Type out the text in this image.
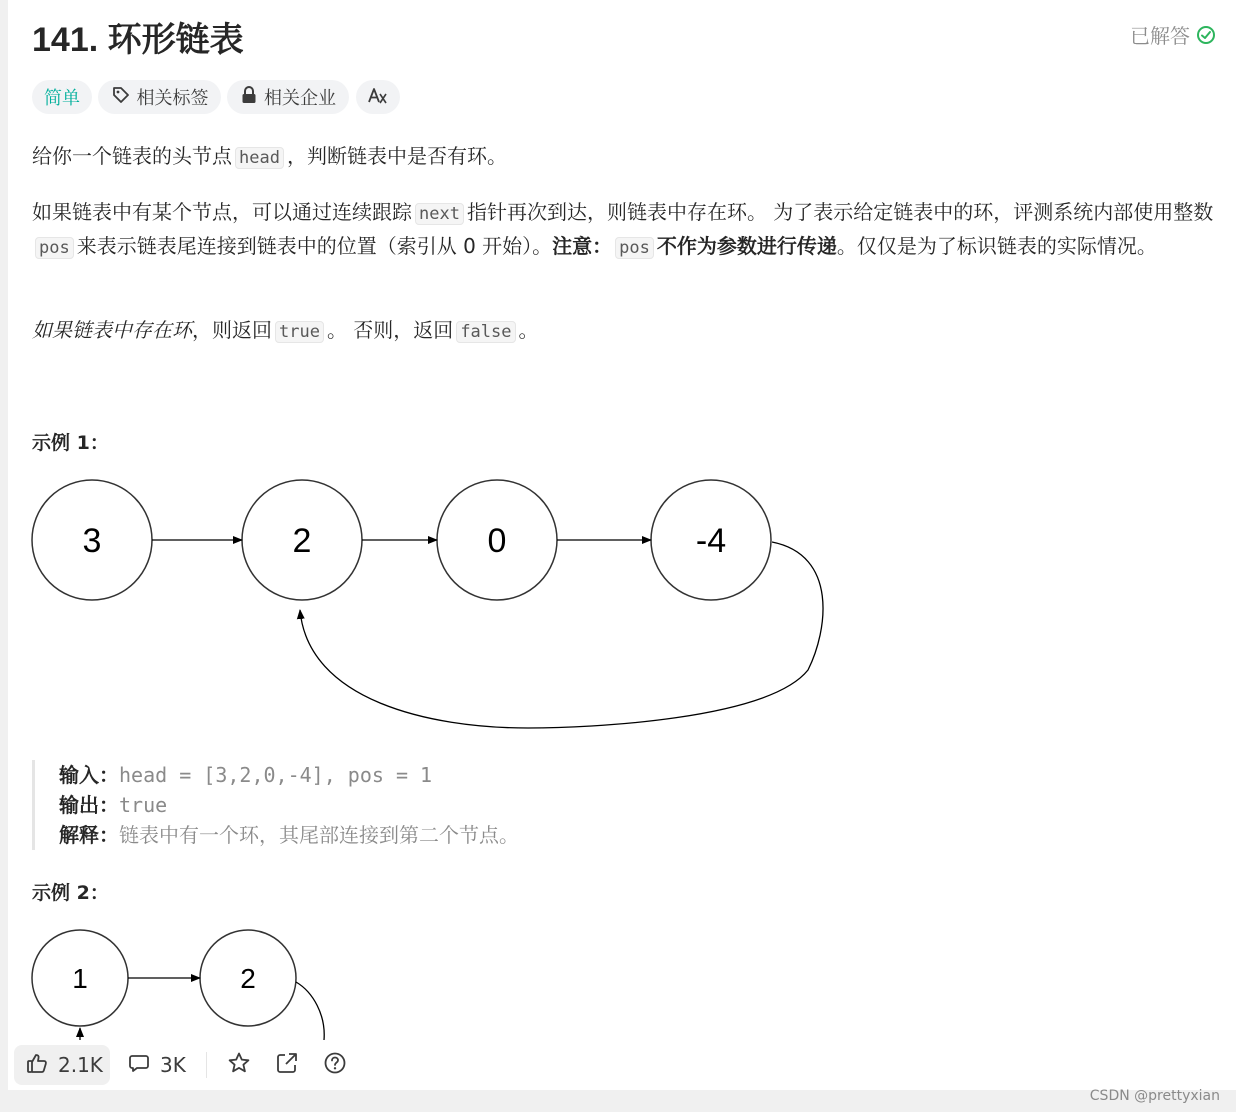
141. 环形链表	已解答
简单	相关标签	相关企业
给你一个链表的头节点 head ，判断链表中是否有环。
如果链表中有某个节点，可以通过连续跟踪 next 指针再次到达，则链表中存在环。 为了表示给定链表中的环，评测系统内部使用整数pos 来表示链表尾连接到链表中的位置（索引从 0 开始）。注意： pos 不作为参数进行传递。仅仅是为了标识链表的实际情况。
如果链表中存在环，则返回 true 。 否则，返回 false 。
示例 1：
3	2	0	-4
输入：head = [3,2,0,-4], pos = 1
输出：true
解释：链表中有一个环，其尾部连接到第二个节点。
示例 2：
1	2
2.1K	3K
CSDN @prettyxian
